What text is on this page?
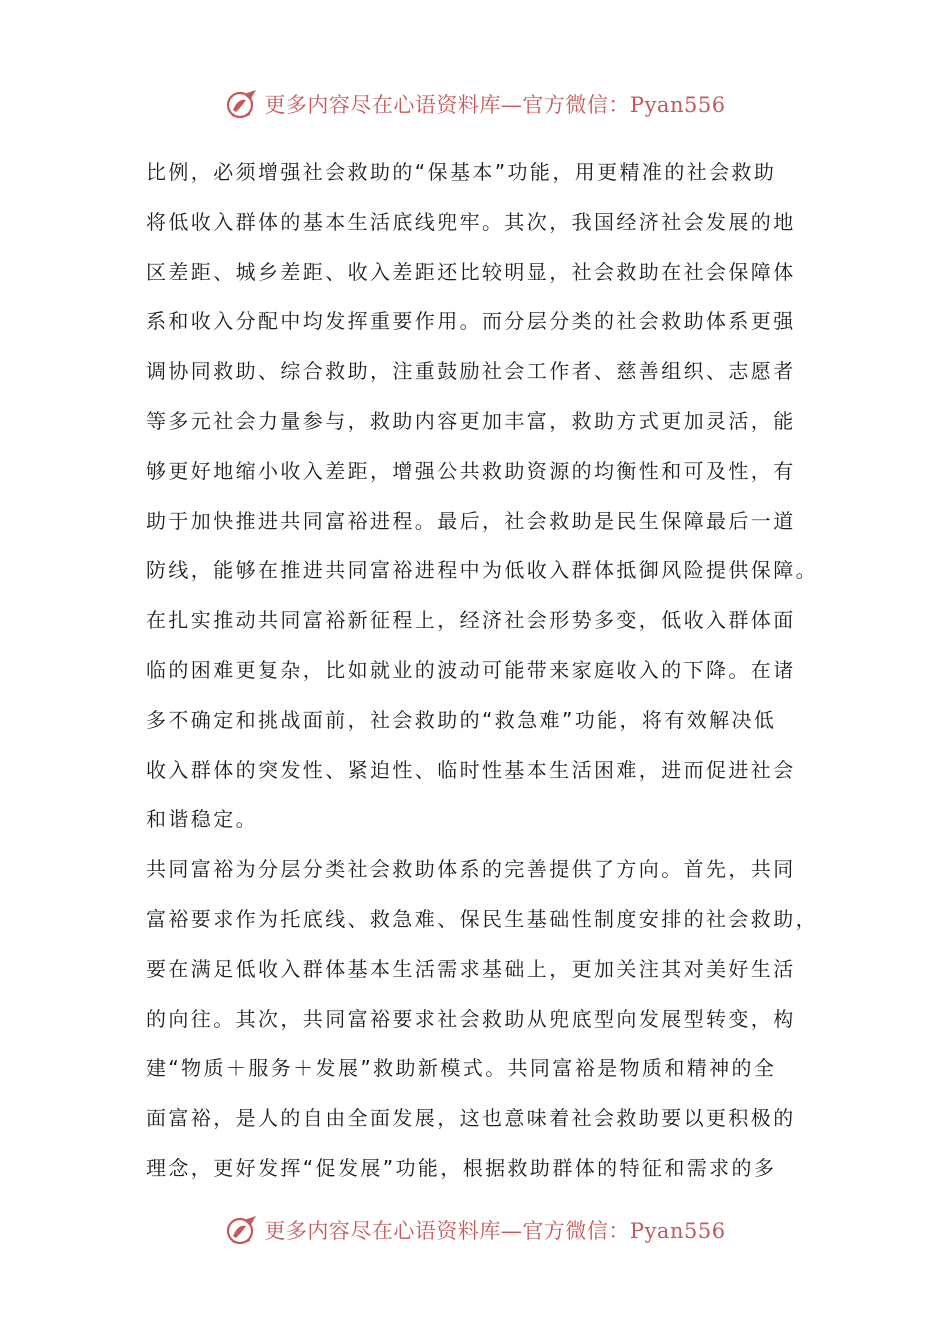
更多内容尽在心语资料库—官方微信：Pyan556
比例，必须增强社会救助的“保基本”功能，用更精准的社会救助
将低收入群体的基本生活底线兜牢。其次，我国经济社会发展的地
区差距、城乡差距、收入差距还比较明显，社会救助在社会保障体
系和收入分配中均发挥重要作用。而分层分类的社会救助体系更强
调协同救助、综合救助，注重鼓励社会工作者、慈善组织、志愿者
等多元社会力量参与，救助内容更加丰富，救助方式更加灵活，能
够更好地缩小收入差距，增强公共救助资源的均衡性和可及性，有
助于加快推进共同富裕进程。最后，社会救助是民生保障最后一道
防线，能够在推进共同富裕进程中为低收入群体抵御风险提供保障。
在扎实推动共同富裕新征程上，经济社会形势多变，低收入群体面
临的困难更复杂，比如就业的波动可能带来家庭收入的下降。在诸
多不确定和挑战面前，社会救助的“救急难”功能，将有效解决低
收入群体的突发性、紧迫性、临时性基本生活困难，进而促进社会
和谐稳定。
共同富裕为分层分类社会救助体系的完善提供了方向。首先，共同
富裕要求作为托底线、救急难、保民生基础性制度安排的社会救助，
要在满足低收入群体基本生活需求基础上，更加关注其对美好生活
的向往。其次，共同富裕要求社会救助从兜底型向发展型转变，构
建“物质＋服务＋发展”救助新模式。共同富裕是物质和精神的全
面富裕，是人的自由全面发展，这也意味着社会救助要以更积极的
理念，更好发挥“促发展”功能，根据救助群体的特征和需求的多
更多内容尽在心语资料库—官方微信：Pyan556
